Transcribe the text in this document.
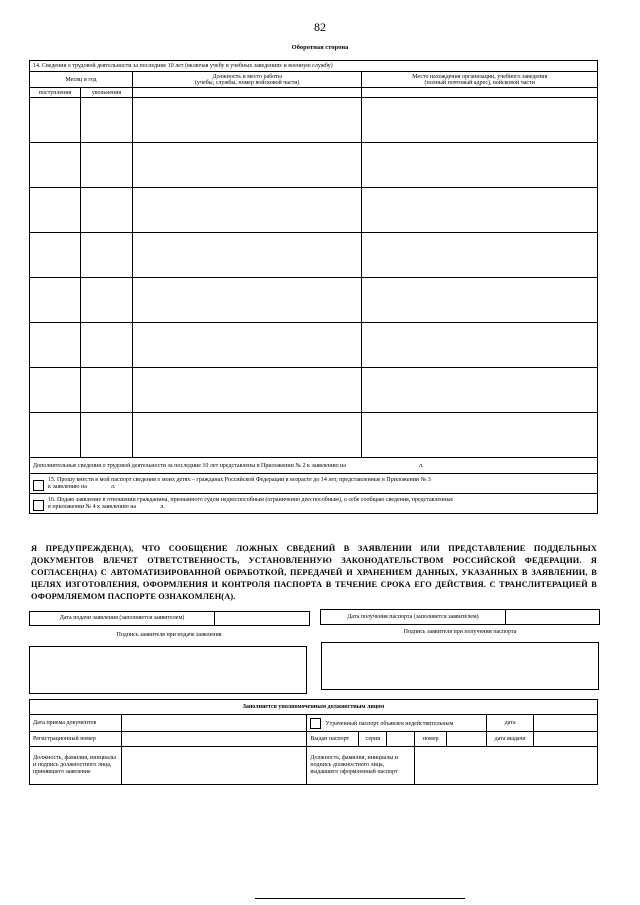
82
Оборотная сторона
14. Сведения о трудовой деятельности за последние 10 лет (включая учебу в учебных заведениях и военную службу)			
Месяц и год		Должность и место работы
(учебы, службы, номер войсковой части)	Место нахождения организации, учебного заведения
(полный почтовый адрес), войсковой части

поступления	увольнения		

Дополнительные сведения о трудовой деятельности за последние 10 лет представлены в Приложении № 2 к заявлению на л.			

15. Прошу внести в мой паспорт сведения о моих детях – гражданах Российской Федерации в возрасте до 14 лет, представленные в Приложении № 3
к заявлению на л.			

16. Подаю заявление в отношении гражданина, признанного судом недееспособным (ограниченно дееспособным), о себе сообщаю сведения, представленные
в приложении № 4 к заявлению на л.			
Я ПРЕДУПРЕЖДЕН(А), ЧТО СООБЩЕНИЕ ЛОЖНЫХ СВЕДЕНИЙ В ЗАЯВЛЕНИИ ИЛИ ПРЕДСТАВЛЕНИЕ ПОДДЕЛЬНЫХ ДОКУМЕНТОВ ВЛЕЧЕТ ОТВЕТСТВЕННОСТЬ, УСТАНОВЛЕННУЮ ЗАКОНОДАТЕЛЬСТВОМ РОССИЙСКОЙ ФЕДЕРАЦИИ. Я СОГЛАСЕН(НА) С АВТОМАТИЗИРОВАННОЙ ОБРАБОТКОЙ, ПЕРЕДАЧЕЙ И ХРАНЕНИЕМ ДАННЫХ, УКАЗАННЫХ В ЗАЯВЛЕНИИ, В ЦЕЛЯХ ИЗГОТОВЛЕНИЯ, ОФОРМЛЕНИЯ И КОНТРОЛЯ ПАСПОРТА В ТЕЧЕНИЕ СРОКА ЕГО ДЕЙСТВИЯ. С ТРАНСЛИТЕРАЦИЕЙ В ОФОРМЛЯЕМОМ ПАСПОРТЕ ОЗНАКОМЛЕН(А).
Дата подачи заявления (заполняется заявителем)	Дата получения паспорта (заполняется заявителем)
Подпись заявителя при подаче заявления	Подпись заявителя при получении паспорта
Заполняется уполномоченным должностным лицом								
Дата приема документов		Утраченный паспорт объявлен недействительным					дата	
Регистрационный номер		Выдан паспорт	серия		номер		дата выдачи	
Должность, фамилия, инициалы и подпись должностного лица, принявшего заявление		Должность, фамилия, инициалы и подпись должностного лица, выдавшего оформленный паспорт						
